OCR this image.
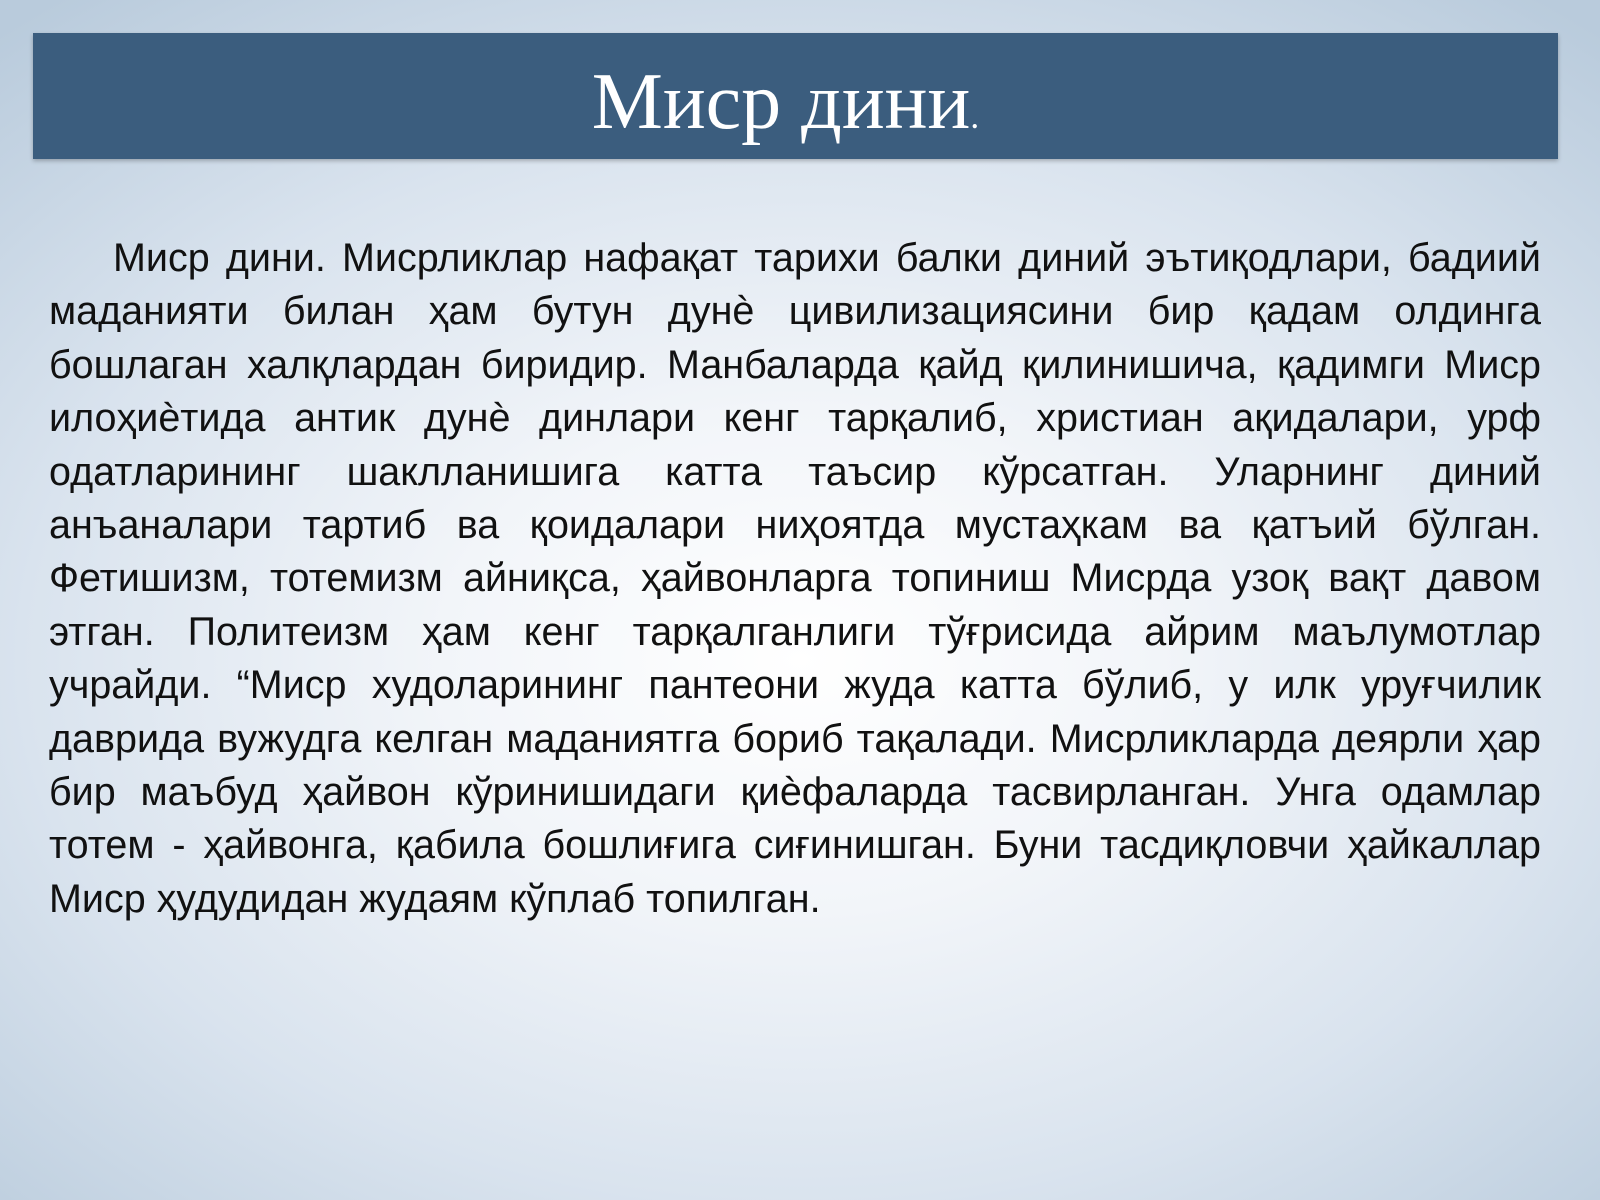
Миср дини.

Миср дини. Мисрликлар нафақат тарихи балки диний эътиқодлари, бадиий маданияти билан ҳам бутун дунѐ цивилизациясини бир қадам олдинга бошлаган халқлардан биридир. Манбаларда қайд қилинишича, қадимги Миср илоҳиѐтида антик дунѐ динлари кенг тарқалиб, христиан ақидалари, урф одатларининг шаклланишига катта таъсир кўрсатган. Уларнинг диний анъаналари тартиб ва қоидалари ниҳоятда мустаҳкам ва қатъий бўлган. Фетишизм, тотемизм айниқса, ҳайвонларга топиниш Мисрда узоқ вақт давом этган. Политеизм ҳам кенг тарқалганлиги тўғрисида айрим маълумотлар учрайди. “Миср худоларининг пантеони жуда катта бўлиб, у илк уруғчилик даврида вужудга келган маданиятга бориб тақалади. Мисрликларда деярли ҳар бир маъбуд ҳайвон кўринишидаги қиѐфаларда тасвирланган. Унга одамлар тотем - ҳайвонга, қабила бошлиғига сиғинишган. Буни тасдиқловчи ҳайкаллар Миср ҳудудидан жудаям кўплаб топилган.
